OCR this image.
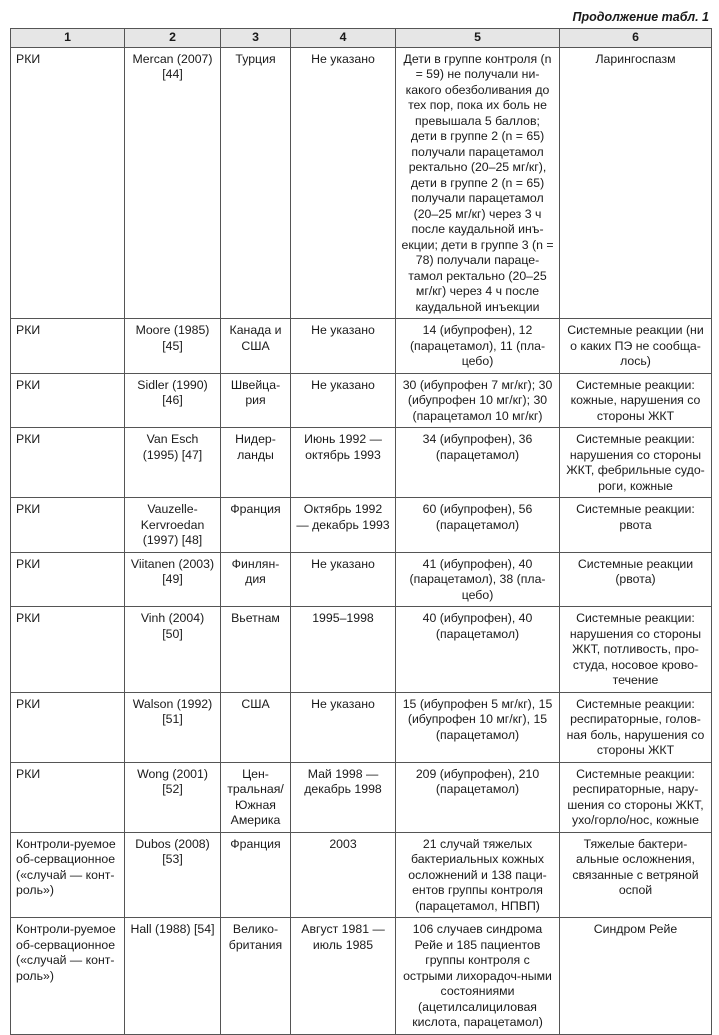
Продолжение табл. 1
1	2	3	4	5	6
РКИ	Mercan (2007) [44]	Турция	Не указано	Дети в группе контроля (n = 59) не получали ни-какого обезболивания до тех пор, пока их боль не превышала 5 баллов; дети в группе 2 (n = 65) получали парацетамол ректально (20–25 мг/кг), дети в группе 2 (n = 65) получали парацетамол (20–25 мг/кг) через 3 ч после каудальной инъ-екции; дети в группе 3 (n = 78) получали параце-тамол ректально (20–25 мг/кг) через 4 ч после каудальной инъекции	Ларингоспазм
РКИ	Moore (1985) [45]	Канада и США	Не указано	14 (ибупрофен), 12 (парацетамол), 11 (пла-цебо)	Системные реакции (ни о каких ПЭ не сообща-лось)
РКИ	Sidler (1990) [46]	Швейца-рия	Не указано	30 (ибупрофен 7 мг/кг); 30 (ибупрофен 10 мг/кг); 30 (парацетамол 10 мг/кг)	Системные реакции: кожные, нарушения со стороны ЖКТ
РКИ	Van Esch (1995) [47]	Нидер-ланды	Июнь 1992 — октябрь 1993	34 (ибупрофен), 36 (парацетамол)	Системные реакции: нарушения со стороны ЖКТ, фебрильные судо-роги, кожные
РКИ	Vauzelle-Kervroedan (1997) [48]	Франция	Октябрь 1992 — декабрь 1993	60 (ибупрофен), 56 (парацетамол)	Системные реакции: рвота
РКИ	Viitanen (2003) [49]	Финлян-дия	Не указано	41 (ибупрофен), 40 (парацетамол), 38 (пла-цебо)	Системные реакции (рвота)
РКИ	Vinh (2004) [50]	Вьетнам	1995–1998	40 (ибупрофен), 40 (парацетамол)	Системные реакции: нарушения со стороны ЖКТ, потливость, про-студа, носовое крово-течение
РКИ	Walson (1992) [51]	США	Не указано	15 (ибупрофен 5 мг/кг), 15 (ибупрофен 10 мг/кг), 15 (парацетамол)	Системные реакции: респираторные, голов-ная боль, нарушения со стороны ЖКТ
РКИ	Wong (2001) [52]	Цен-тральная/ Южная Америка	Май 1998 — декабрь 1998	209 (ибупрофен), 210 (парацетамол)	Системные реакции: респираторные, нару-шения со стороны ЖКТ, ухо/горло/нос, кожные
Контроли-руемое об-сервационное («случай — конт-роль»)	Dubos (2008) [53]	Франция	2003	21 случай тяжелых бактериальных кожных осложнений и 138 паци-ентов группы контроля (парацетамол, НПВП)	Тяжелые бактери-альные осложнения, связанные с ветряной оспой
Контроли-руемое об-сервационное («случай — конт-роль»)	Hall (1988) [54]	Велико-британия	Август 1981 — июль 1985	106 случаев синдрома Рейе и 185 пациентов группы контроля с острыми лихорадоч-ными состояниями (ацетилсалициловая кислота, парацетамол)	Синдром Рейе
